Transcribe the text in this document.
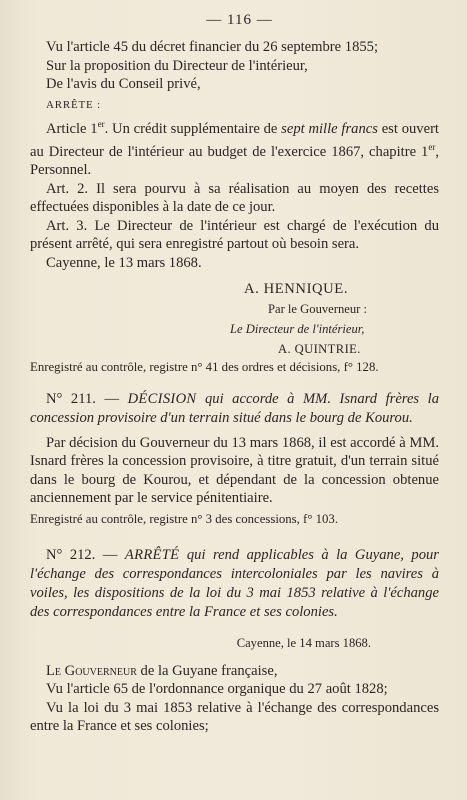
— 116 —

Vu l'article 45 du décret financier du 26 septembre 1855;

Sur la proposition du Directeur de l'intérieur,

De l'avis du Conseil privé,

ARRÊTE :

Article 1er. Un crédit supplémentaire de sept mille francs est ouvert au Directeur de l'intérieur au budget de l'exercice 1867, chapitre 1er, Personnel.

Art. 2. Il sera pourvu à sa réalisation au moyen des recettes effectuées disponibles à la date de ce jour.

Art. 3. Le Directeur de l'intérieur est chargé de l'exécution du présent arrêté, qui sera enregistré partout où besoin sera.

Cayenne, le 13 mars 1868.

A. HENNIQUE.
Par le Gouverneur :
Le Directeur de l'intérieur,
A. QUINTRIE.

Enregistré au contrôle, registre n° 41 des ordres et décisions, f° 128.

N° 211. — DÉCISION qui accorde à MM. Isnard frères la concession provisoire d'un terrain situé dans le bourg de Kourou.

Par décision du Gouverneur du 13 mars 1868, il est accordé à MM. Isnard frères la concession provisoire, à titre gratuit, d'un terrain situé dans le bourg de Kourou, et dépendant de la concession obtenue anciennement par le service pénitentiaire.

Enregistré au contrôle, registre n° 3 des concessions, f° 103.

N° 212. — ARRÊTÉ qui rend applicables à la Guyane, pour l'échange des correspondances intercoloniales par les navires à voiles, les dispositions de la loi du 3 mai 1853 relative à l'échange des correspondances entre la France et ses colonies.

Cayenne, le 14 mars 1868.

Le Gouverneur de la Guyane française,

Vu l'article 65 de l'ordonnance organique du 27 août 1828;

Vu la loi du 3 mai 1853 relative à l'échange des correspondances entre la France et ses colonies;
